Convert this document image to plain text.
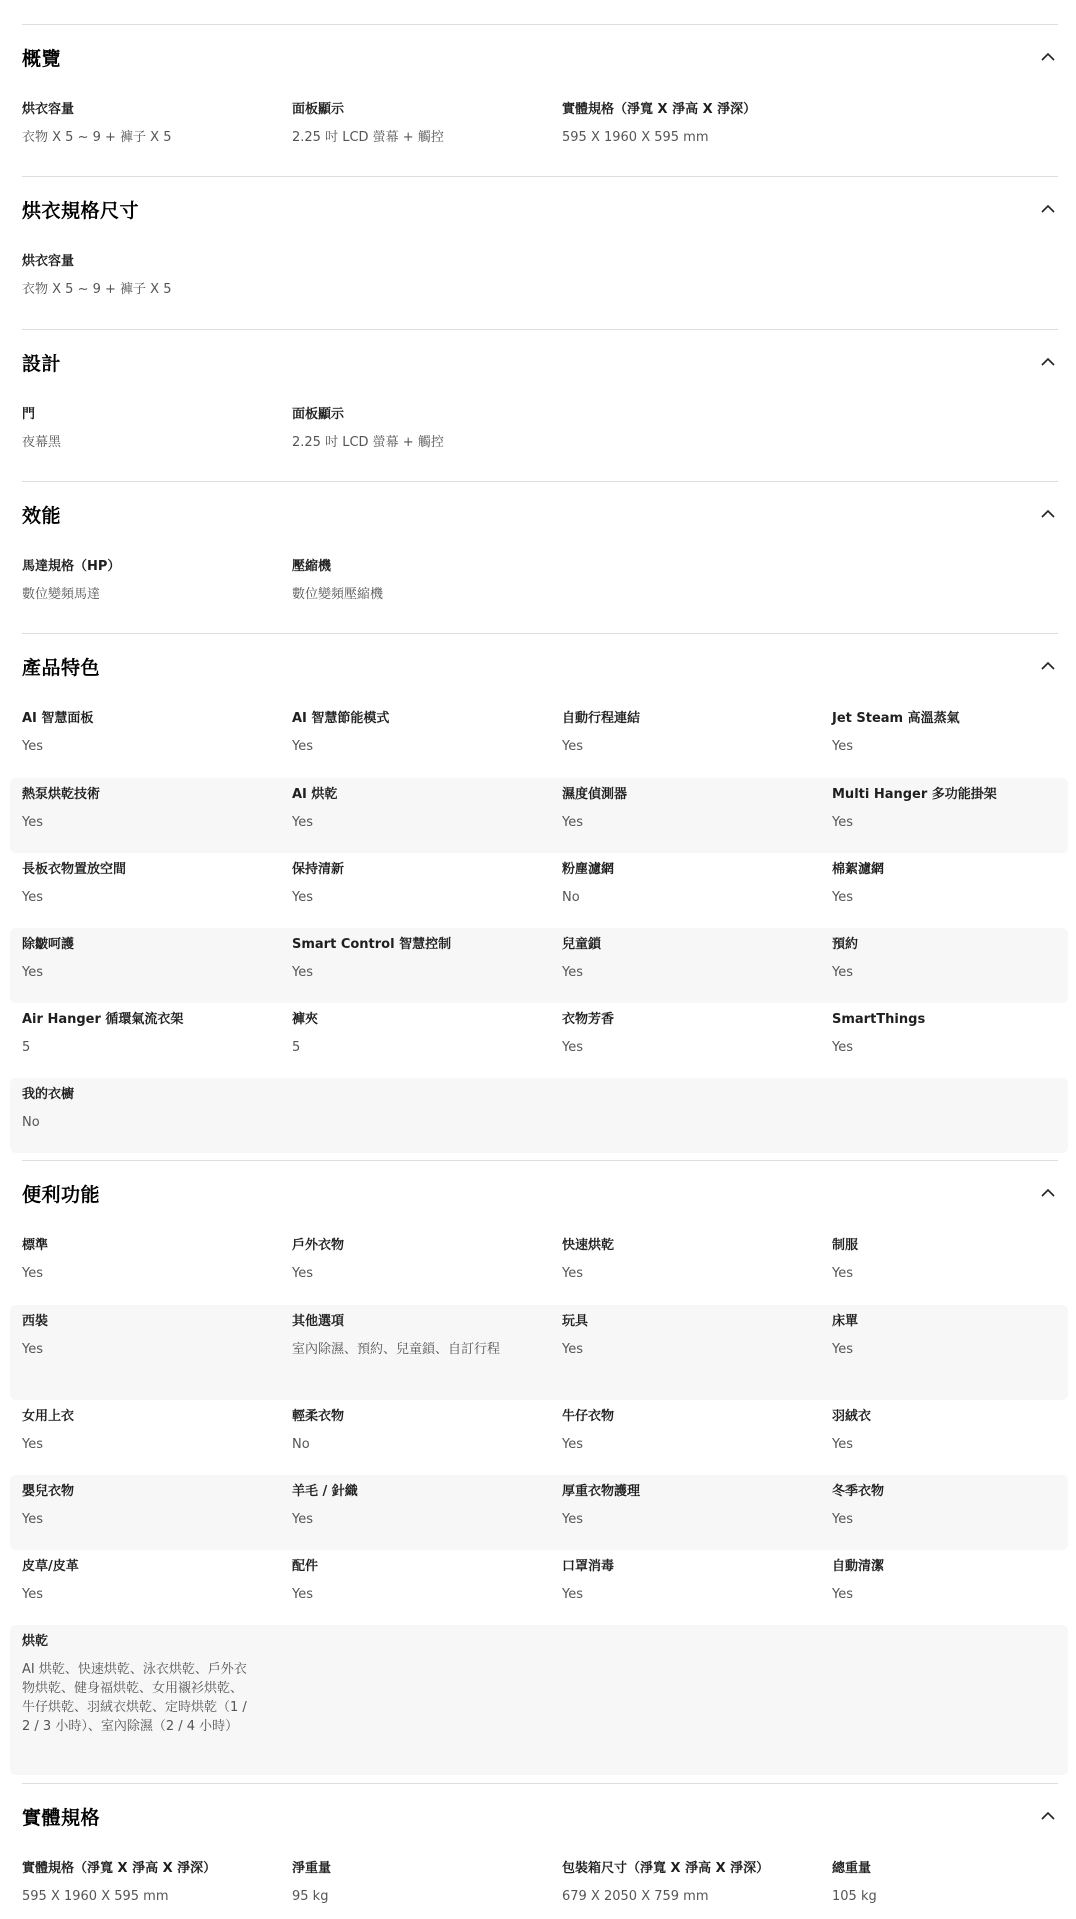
概覽
烘衣容量
衣物 X 5 ~ 9 + 褲子 X 5
面板顯示
2.25 吋 LCD 螢幕 + 觸控
實體規格（淨寬 X 淨高 X 淨深）
595 X 1960 X 595 mm
烘衣規格尺寸
烘衣容量
衣物 X 5 ~ 9 + 褲子 X 5
設計
門
夜幕黑
面板顯示
2.25 吋 LCD 螢幕 + 觸控
效能
馬達規格（HP）
數位變頻馬達
壓縮機
數位變頻壓縮機
產品特色
AI 智慧面板
Yes
AI 智慧節能模式
Yes
自動行程連結
Yes
Jet Steam 高溫蒸氣
Yes
熱泵烘乾技術
Yes
AI 烘乾
Yes
濕度偵測器
Yes
Multi Hanger 多功能掛架
Yes
長板衣物置放空間
Yes
保持清新
Yes
粉塵濾網
No
棉絮濾網
Yes
除皺呵護
Yes
Smart Control 智慧控制
Yes
兒童鎖
Yes
預約
Yes
Air Hanger 循環氣流衣架
5
褲夾
5
衣物芳香
Yes
SmartThings
Yes
我的衣櫥
No
便利功能
標準
Yes
戶外衣物
Yes
快速烘乾
Yes
制服
Yes
西裝
Yes
其他選項
室內除濕、預約、兒童鎖、自訂行程
玩具
Yes
床單
Yes
女用上衣
Yes
輕柔衣物
No
牛仔衣物
Yes
羽絨衣
Yes
嬰兒衣物
Yes
羊毛 / 針織
Yes
厚重衣物護理
Yes
冬季衣物
Yes
皮草/皮革
Yes
配件
Yes
口罩消毒
Yes
自動清潔
Yes
烘乾
AI 烘乾、快速烘乾、泳衣烘乾、戶外衣物烘乾、健身福烘乾、女用襯衫烘乾、牛仔烘乾、羽絨衣烘乾、定時烘乾（1 / 2 / 3 小時）、室內除濕（2 / 4 小時）
實體規格
實體規格（淨寬 X 淨高 X 淨深）
595 X 1960 X 595 mm
淨重量
95 kg
包裝箱尺寸（淨寬 X 淨高 X 淨深）
679 X 2050 X 759 mm
總重量
105 kg
